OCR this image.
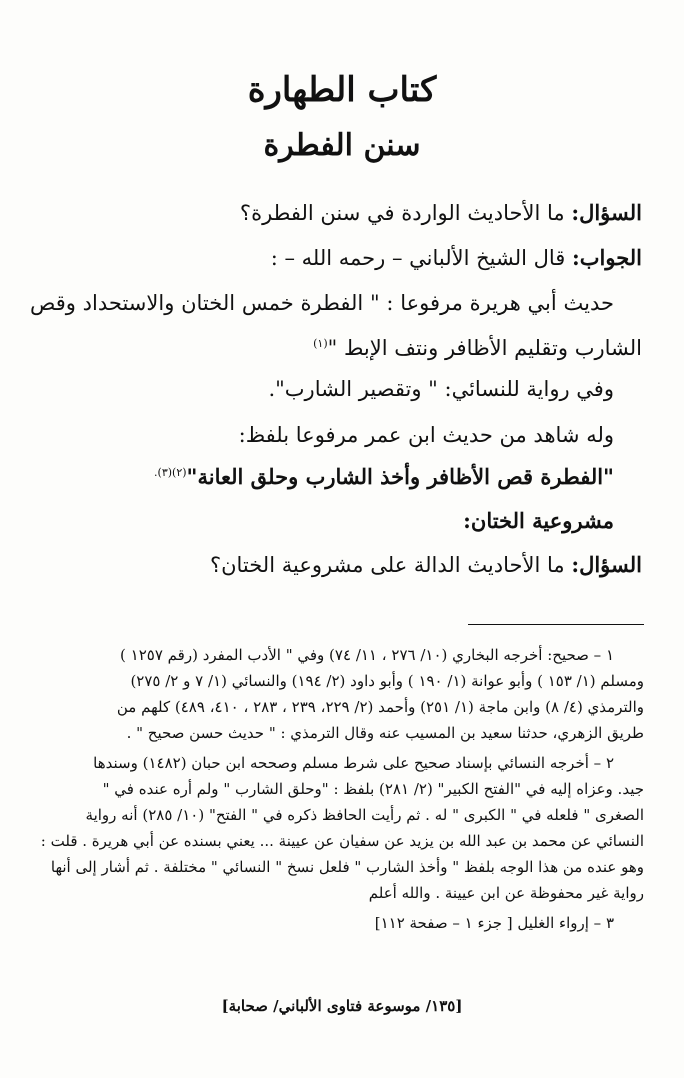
كتاب الطهارة
سنن الفطرة
السؤال: ما الأحاديث الواردة في سنن الفطرة؟
الجواب: قال الشيخ الألباني – رحمه الله – :
حديث أبي هريرة مرفوعا : " الفطرة خمس الختان والاستحداد وقص
الشارب وتقليم الأظافر ونتف الإبط "$^{(١)}$
وفي رواية للنسائي: " وتقصير الشارب".
وله شاهد من حديث ابن عمر مرفوعا بلفظ:
"الفطرة قص الأظافر وأخذ الشارب وحلق العانة"$^{(٢)(٣).}$
مشروعية الختان:
السؤال: ما الأحاديث الدالة على مشروعية الختان؟
١ – صحيح: أخرجه البخاري (١٠/ ٢٧٦ ، ١١/ ٧٤) وفي " الأدب المفرد (رقم ١٢٥٧ )
ومسلم (١/ ١٥٣ ) وأبو عوانة (١/ ١٩٠ ) وأبو داود (٢/ ١٩٤) والنسائي (١/ ٧ و ٢/ ٢٧٥)
والترمذي (٤/ ٨) وابن ماجة (١/ ٢٥١) وأحمد (٢/ ٢٢٩، ٢٣٩ ، ٢٨٣ ، ٤١٠، ٤٨٩) كلهم من
طريق الزهري، حدثنا سعيد بن المسيب عنه وقال الترمذي : " حديث حسن صحيح " .
٢ – أخرجه النسائي بإسناد صحيح على شرط مسلم وصححه ابن حبان (١٤٨٢) وسندها
جيد. وعزاه إليه في "الفتح الكبير" (٢/ ٢٨١) بلفظ : "وحلق الشارب " ولم أره عنده في "
الصغرى " فلعله في " الكبرى " له . ثم رأيت الحافظ ذكره في " الفتح" (١٠/ ٢٨٥) أنه رواية
النسائي عن محمد بن عبد الله بن يزيد عن سفيان عن عيينة ... يعني بسنده عن أبي هريرة . قلت :
وهو عنده من هذا الوجه بلفظ " وأخذ الشارب " فلعل نسخ " النسائي " مختلفة . ثم أشار إلى أنها
رواية غير محفوظة عن ابن عيينة . والله أعلم
٣ – إرواء الغليل [ جزء ١ – صفحة ١١٢]
[١٣٥/ موسوعة فتاوى الألباني/ صحابة]
